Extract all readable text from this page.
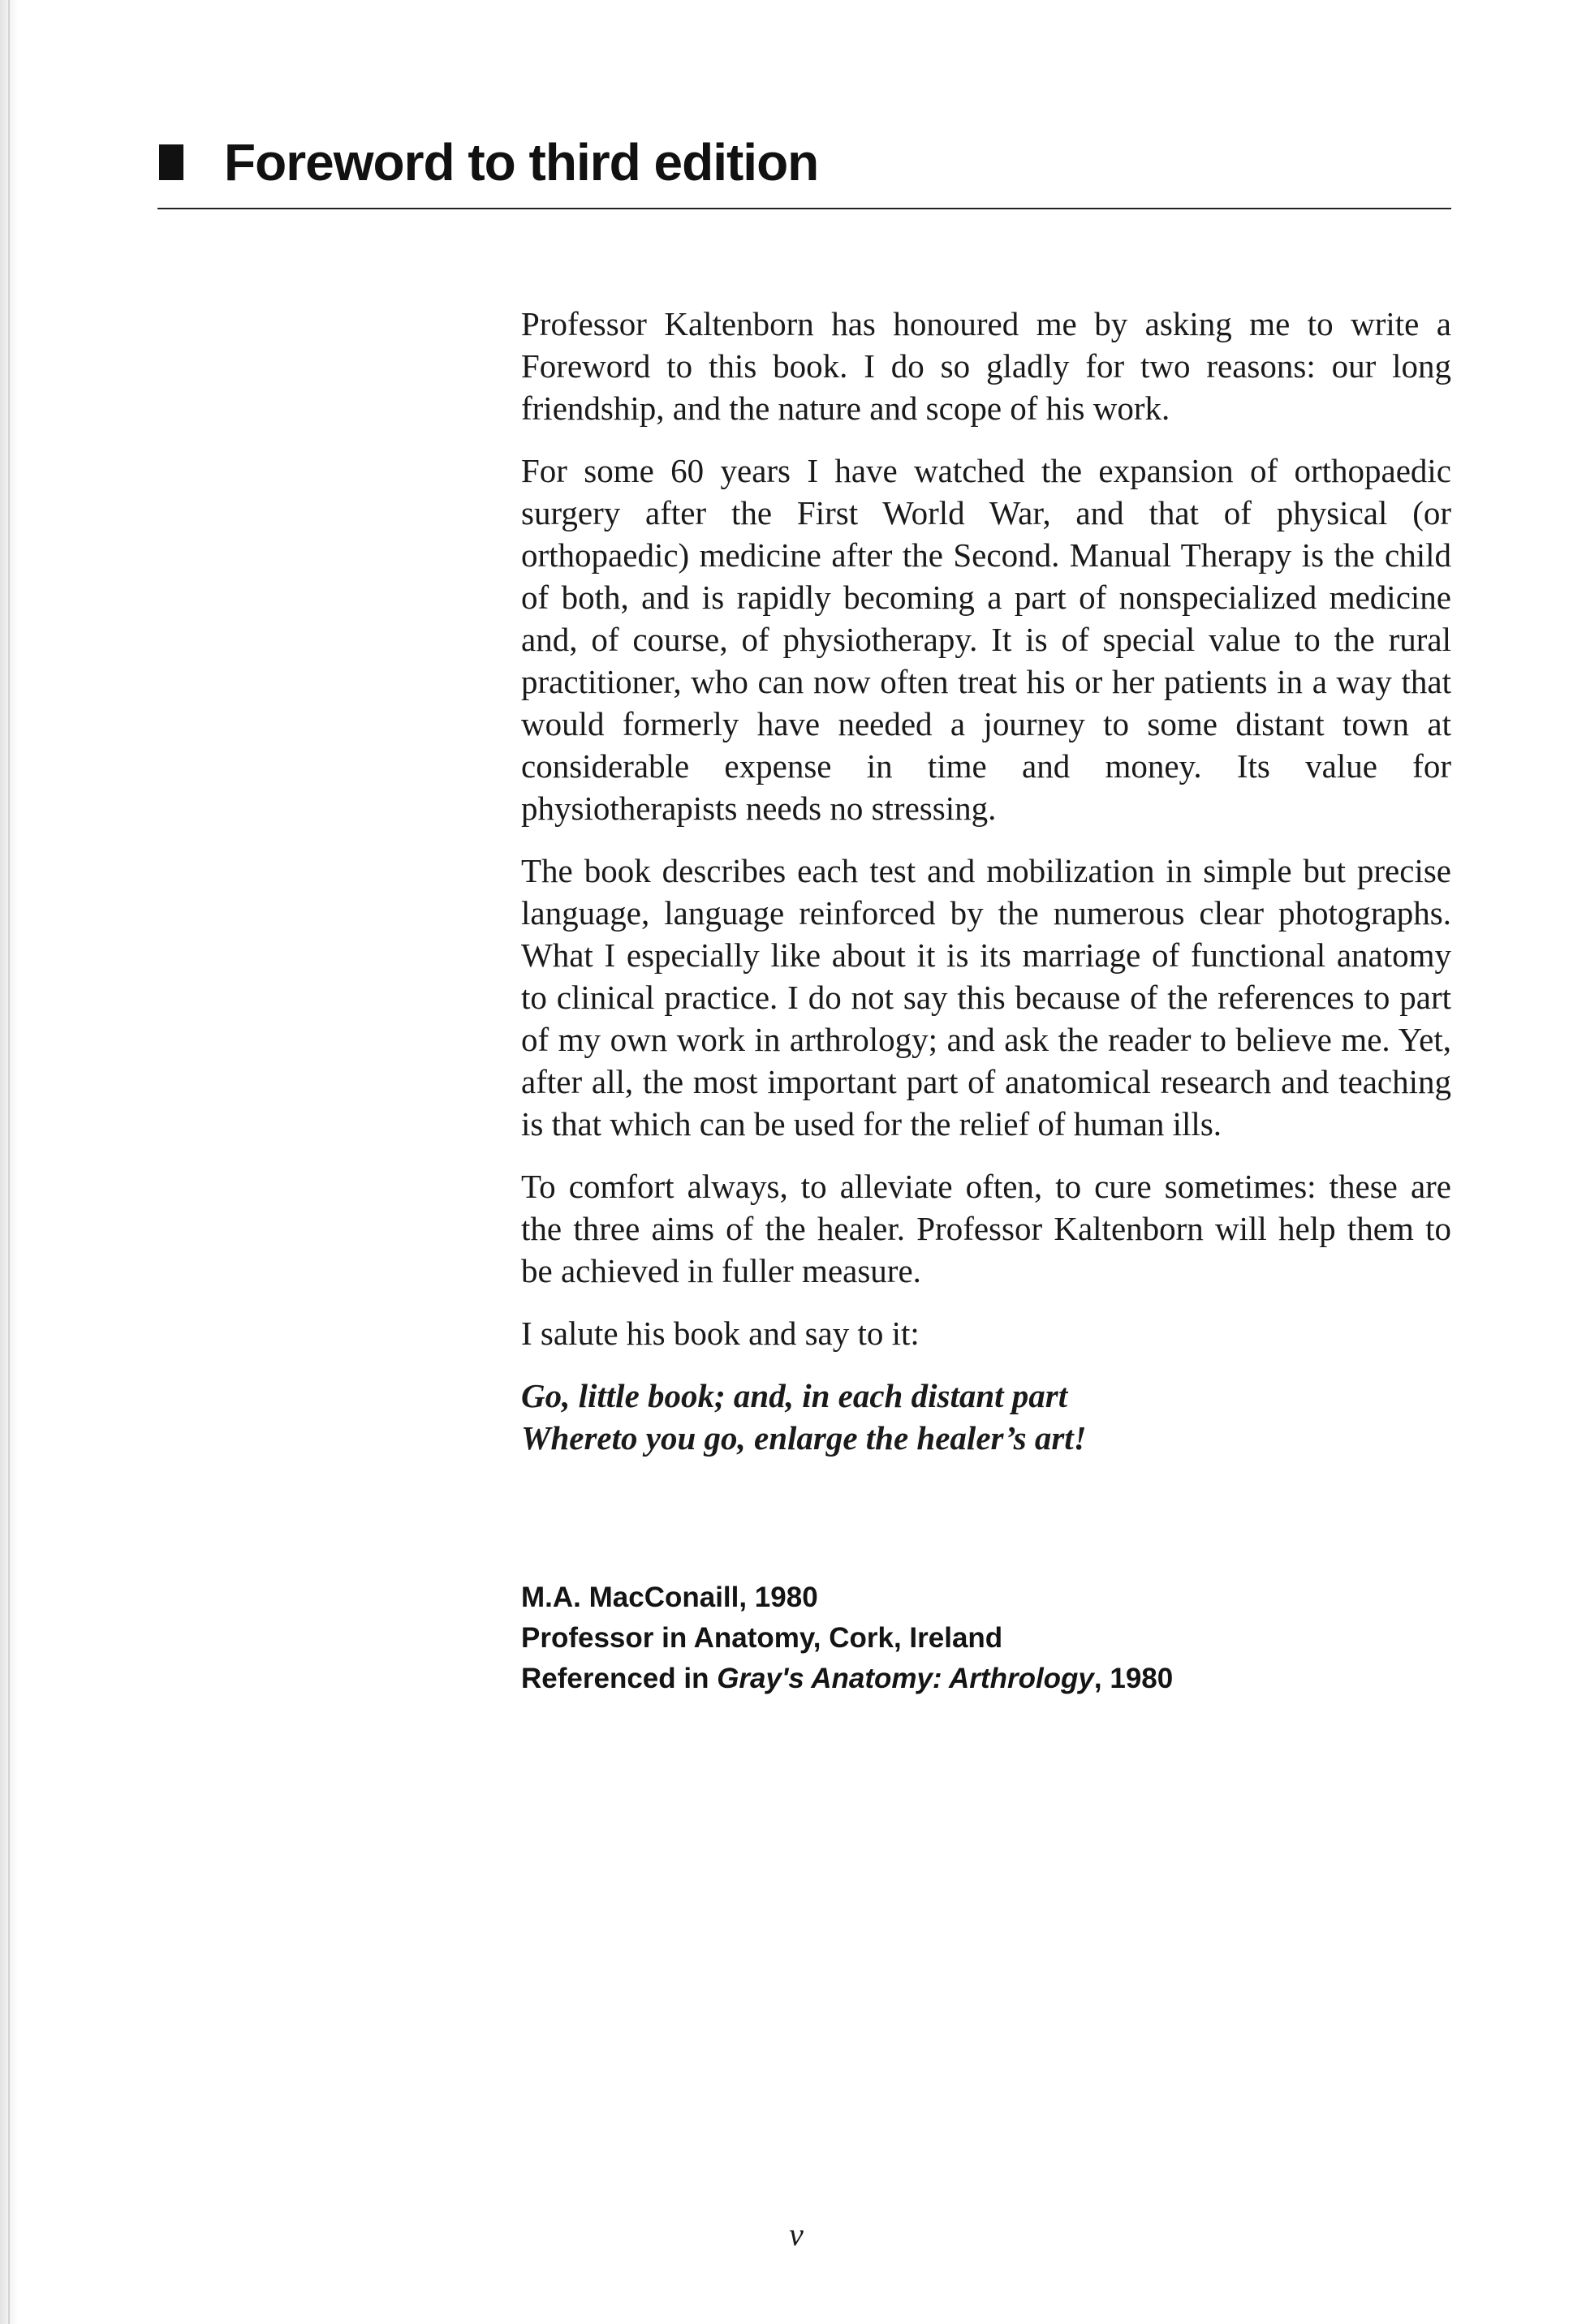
Foreword to third edition

Professor Kaltenborn has honoured me by asking me to write a Foreword to this book. I do so gladly for two reasons: our long friendship, and the nature and scope of his work.

For some 60 years I have watched the expansion of orthopaedic surgery after the First World War, and that of physical (or orthopaedic) medicine after the Second. Manual Therapy is the child of both, and is rapidly becoming a part of nonspecialized medicine and, of course, of physiotherapy. It is of special value to the rural practitioner, who can now often treat his or her patients in a way that would formerly have needed a journey to some distant town at considerable expense in time and money. Its value for physiotherapists needs no stressing.

The book describes each test and mobilization in simple but precise language, language reinforced by the numerous clear photographs. What I especially like about it is its marriage of functional anatomy to clinical practice. I do not say this because of the references to part of my own work in arthrology; and ask the reader to believe me. Yet, after all, the most important part of anatomical research and teaching is that which can be used for the relief of human ills.

To comfort always, to alleviate often, to cure sometimes: these are the three aims of the healer. Professor Kaltenborn will help them to be achieved in fuller measure.

I salute his book and say to it:

Go, little book; and, in each distant part
Whereto you go, enlarge the healer’s art!
M.A. MacConaill, 1980
Professor in Anatomy, Cork, Ireland
Referenced in Gray's Anatomy: Arthrology, 1980
v
